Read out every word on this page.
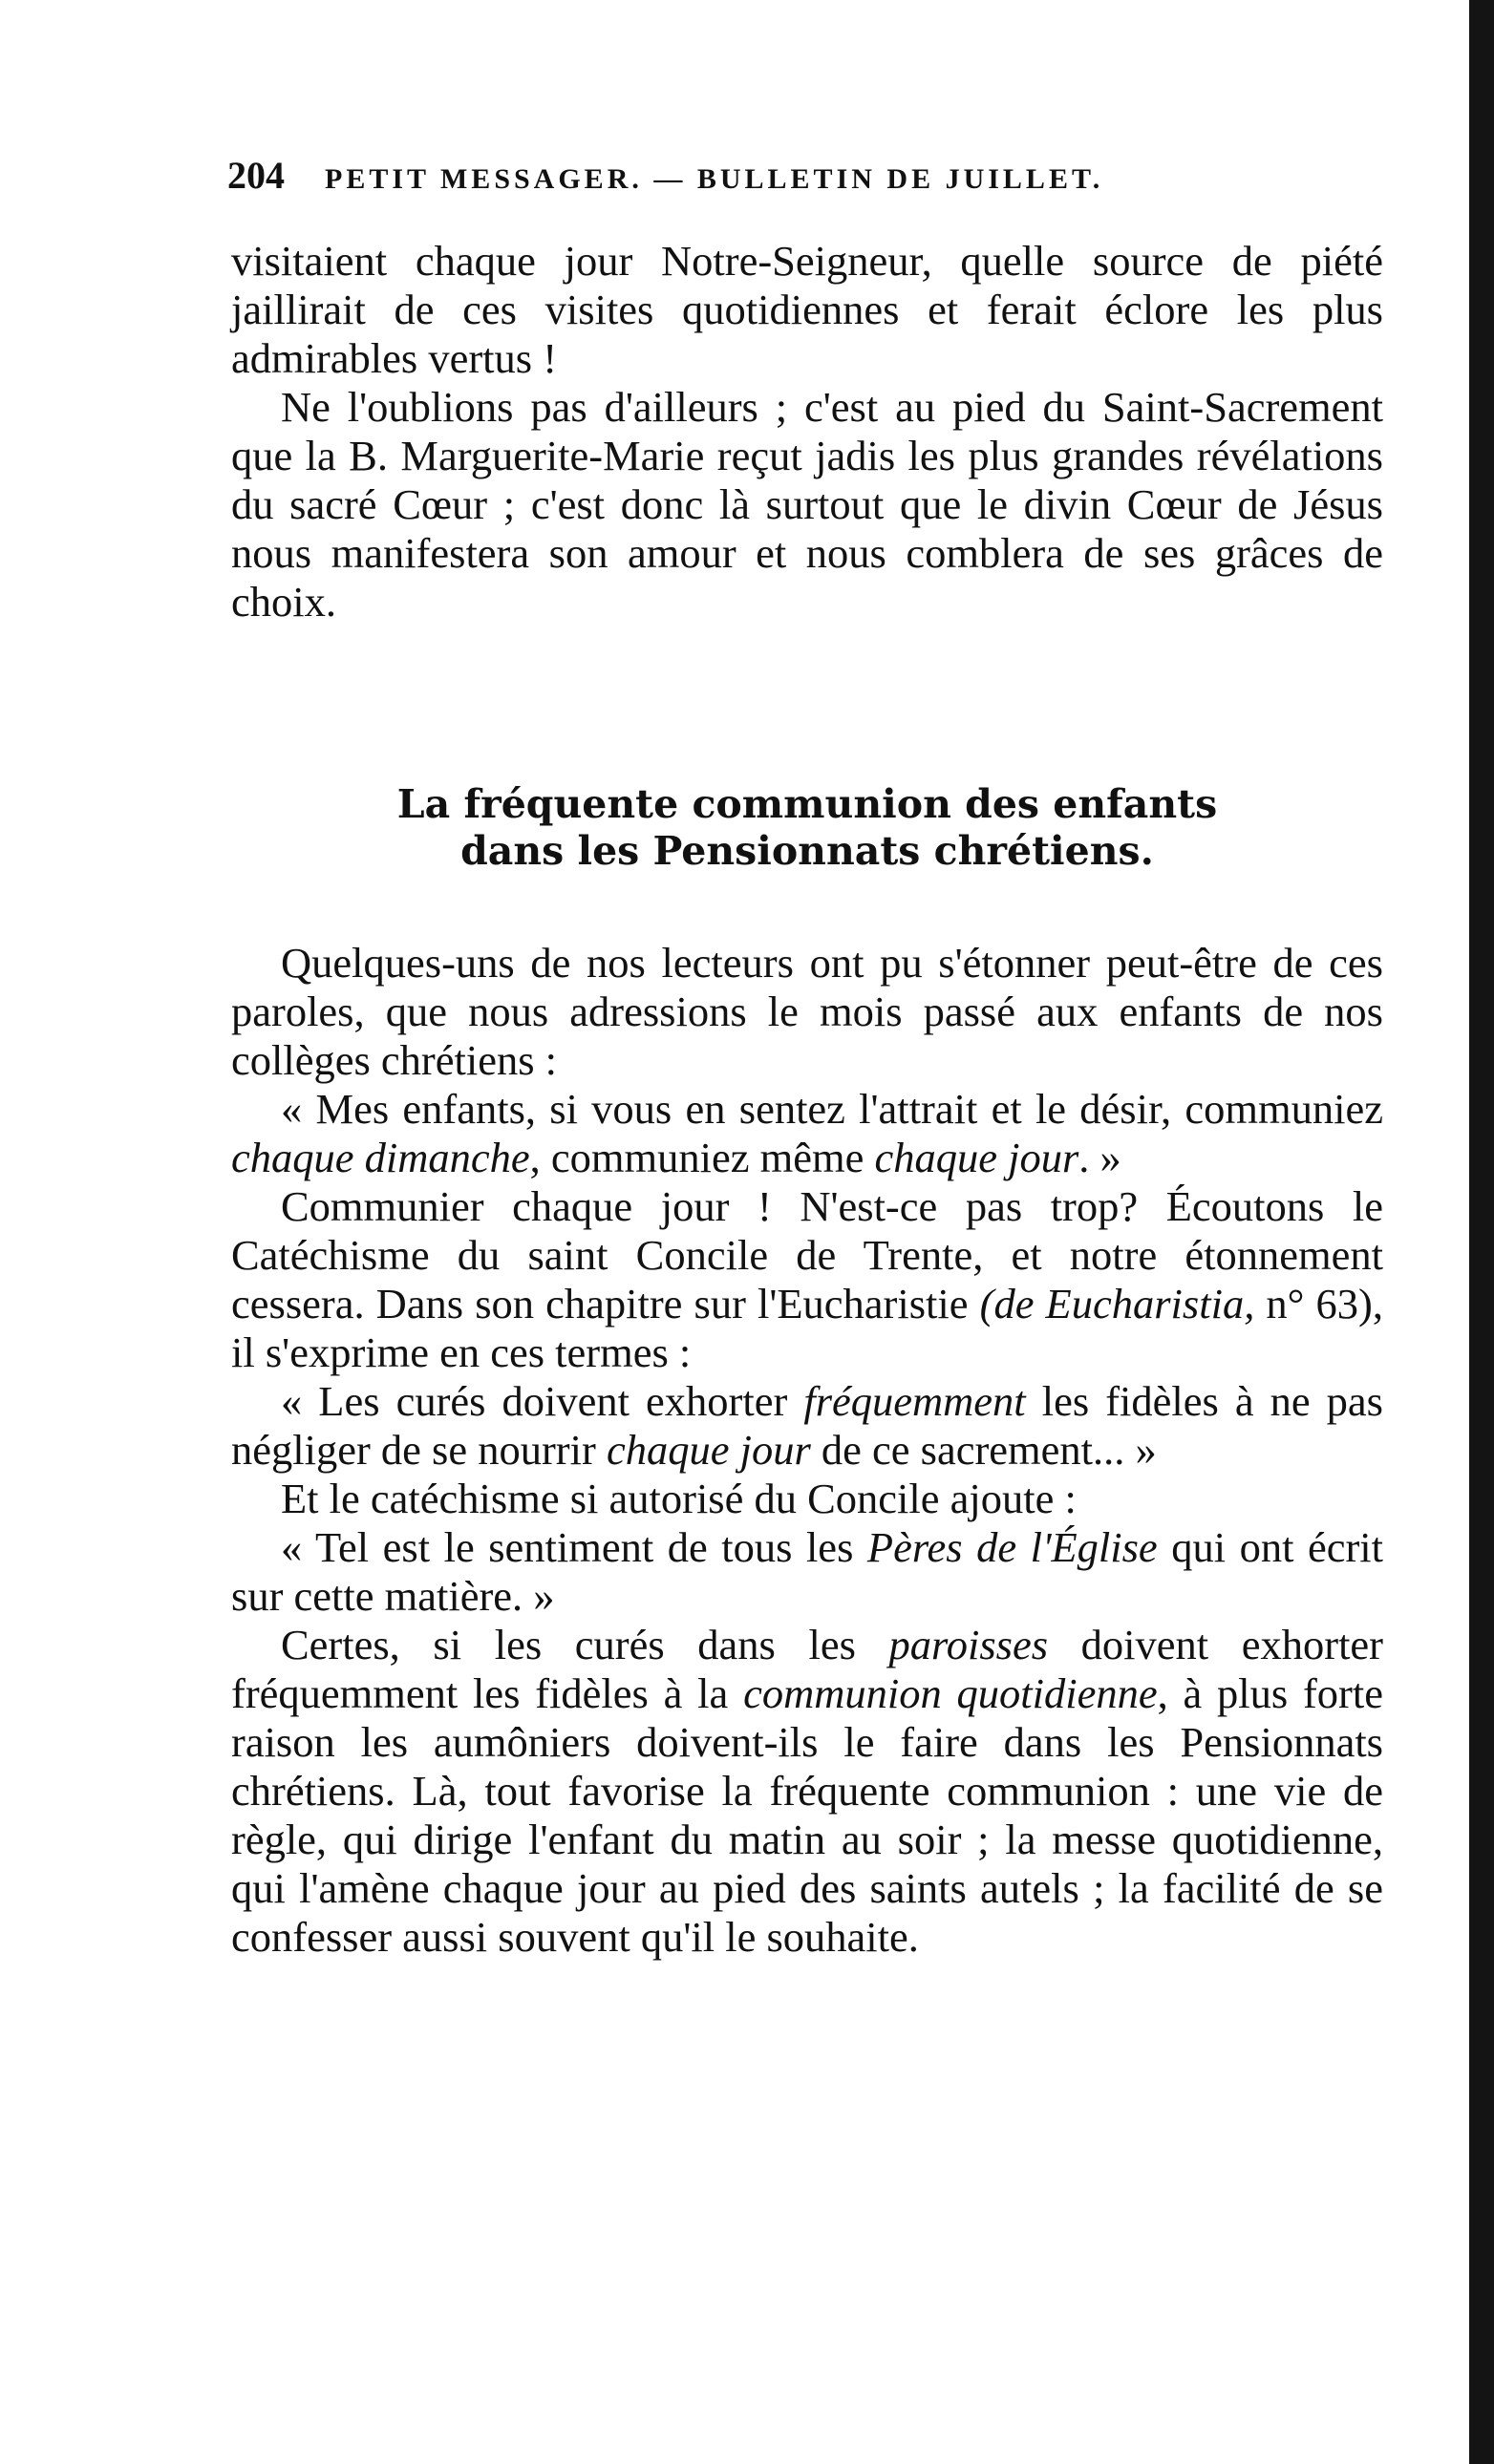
204 PETIT MESSAGER. — BULLETIN DE JUILLET.

visitaient chaque jour Notre-Seigneur, quelle source de piété jaillirait de ces visites quotidiennes et ferait éclore les plus admirables vertus !

Ne l'oublions pas d'ailleurs ; c'est au pied du Saint-Sacrement que la B. Marguerite-Marie reçut jadis les plus grandes révélations du sacré Cœur ; c'est donc là surtout que le divin Cœur de Jésus nous manifestera son amour et nous comblera de ses grâces de choix.

La fréquente communion des enfants
dans les Pensionnats chrétiens.

Quelques-uns de nos lecteurs ont pu s'étonner peut-être de ces paroles, que nous adressions le mois passé aux enfants de nos collèges chrétiens :

« Mes enfants, si vous en sentez l'attrait et le désir, communiez chaque dimanche, communiez même chaque jour. »

Communier chaque jour ! N'est-ce pas trop? Écoutons le Catéchisme du saint Concile de Trente, et notre étonnement cessera. Dans son chapitre sur l'Eucharistie (de Eucharistia, n° 63), il s'exprime en ces termes :

« Les curés doivent exhorter fréquemment les fidèles à ne pas négliger de se nourrir chaque jour de ce sacrement... »

Et le catéchisme si autorisé du Concile ajoute :

« Tel est le sentiment de tous les Pères de l'Église qui ont écrit sur cette matière. »

Certes, si les curés dans les paroisses doivent exhorter fréquemment les fidèles à la communion quotidienne, à plus forte raison les aumôniers doivent-ils le faire dans les Pensionnats chrétiens. Là, tout favorise la fréquente communion : une vie de règle, qui dirige l'enfant du matin au soir ; la messe quotidienne, qui l'amène chaque jour au pied des saints autels ; la facilité de se confesser aussi souvent qu'il le souhaite.
